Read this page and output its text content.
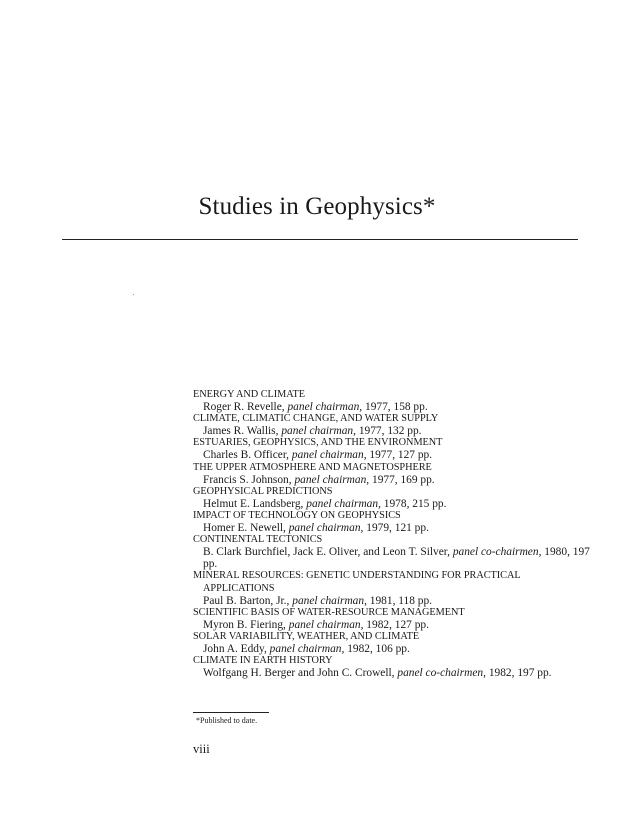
Studies in Geophysics*
ENERGY AND CLIMATE
Roger R. Revelle, panel chairman, 1977, 158 pp.
CLIMATE, CLIMATIC CHANGE, AND WATER SUPPLY
James R. Wallis, panel chairman, 1977, 132 pp.
ESTUARIES, GEOPHYSICS, AND THE ENVIRONMENT
Charles B. Officer, panel chairman, 1977, 127 pp.
THE UPPER ATMOSPHERE AND MAGNETOSPHERE
Francis S. Johnson, panel chairman, 1977, 169 pp.
GEOPHYSICAL PREDICTIONS
Helmut E. Landsberg, panel chairman, 1978, 215 pp.
IMPACT OF TECHNOLOGY ON GEOPHYSICS
Homer E. Newell, panel chairman, 1979, 121 pp.
CONTINENTAL TECTONICS
B. Clark Burchfiel, Jack E. Oliver, and Leon T. Silver, panel co-chairmen, 1980, 197 pp.
MINERAL RESOURCES: GENETIC UNDERSTANDING FOR PRACTICAL APPLICATIONS
Paul B. Barton, Jr., panel chairman, 1981, 118 pp.
SCIENTIFIC BASIS OF WATER-RESOURCE MANAGEMENT
Myron B. Fiering, panel chairman, 1982, 127 pp.
SOLAR VARIABILITY, WEATHER, AND CLIMATE
John A. Eddy, panel chairman, 1982, 106 pp.
CLIMATE IN EARTH HISTORY
Wolfgang H. Berger and John C. Crowell, panel co-chairmen, 1982, 197 pp.
*Published to date.
viii
